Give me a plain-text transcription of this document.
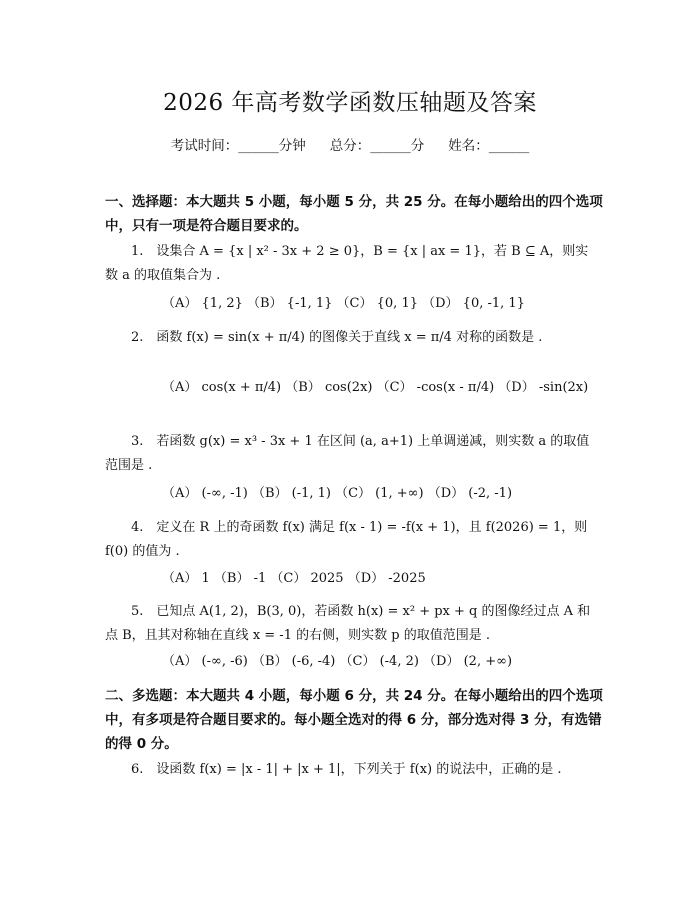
2026 年高考数学函数压轴题及答案
考试时间：______分钟 总分：______分 姓名：______

一、选择题：本大题共 5 小题，每小题 5 分，共 25 分。在每小题给出的四个选项中，只有一项是符合题目要求的。

1.　设集合 A = {x | x² - 3x + 2 ≥ 0}，B = {x | ax = 1}，若 B ⊆ A，则实数 a 的取值集合为 .

（A） {1, 2} （B） {-1, 1} （C） {0, 1} （D） {0, -1, 1}

2.　函数 f(x) = sin(x + π/4) 的图像关于直线 x = π/4 对称的函数是 .

（A） cos(x + π/4) （B） cos(2x) （C） -cos(x - π/4) （D） -sin(2x)

3.　若函数 g(x) = x³ - 3x + 1 在区间 (a, a+1) 上单调递减，则实数 a 的取值范围是 .

（A） (-∞, -1) （B） (-1, 1) （C） (1, +∞) （D） (-2, -1)

4.　定义在 R 上的奇函数 f(x) 满足 f(x - 1) = -f(x + 1)，且 f(2026) = 1，则 f(0) 的值为 .

（A） 1 （B） -1 （C） 2025 （D） -2025

5.　已知点 A(1, 2)，B(3, 0)，若函数 h(x) = x² + px + q 的图像经过点 A 和点 B，且其对称轴在直线 x = -1 的右侧，则实数 p 的取值范围是 .

（A） (-∞, -6) （B） (-6, -4) （C） (-4, 2) （D） (2, +∞)

二、多选题：本大题共 4 小题，每小题 6 分，共 24 分。在每小题给出的四个选项中，有多项是符合题目要求的。每小题全选对的得 6 分，部分选对得 3 分，有选错的得 0 分。

6.　设函数 f(x) = |x - 1| + |x + 1|，下列关于 f(x) 的说法中，正确的是 .
